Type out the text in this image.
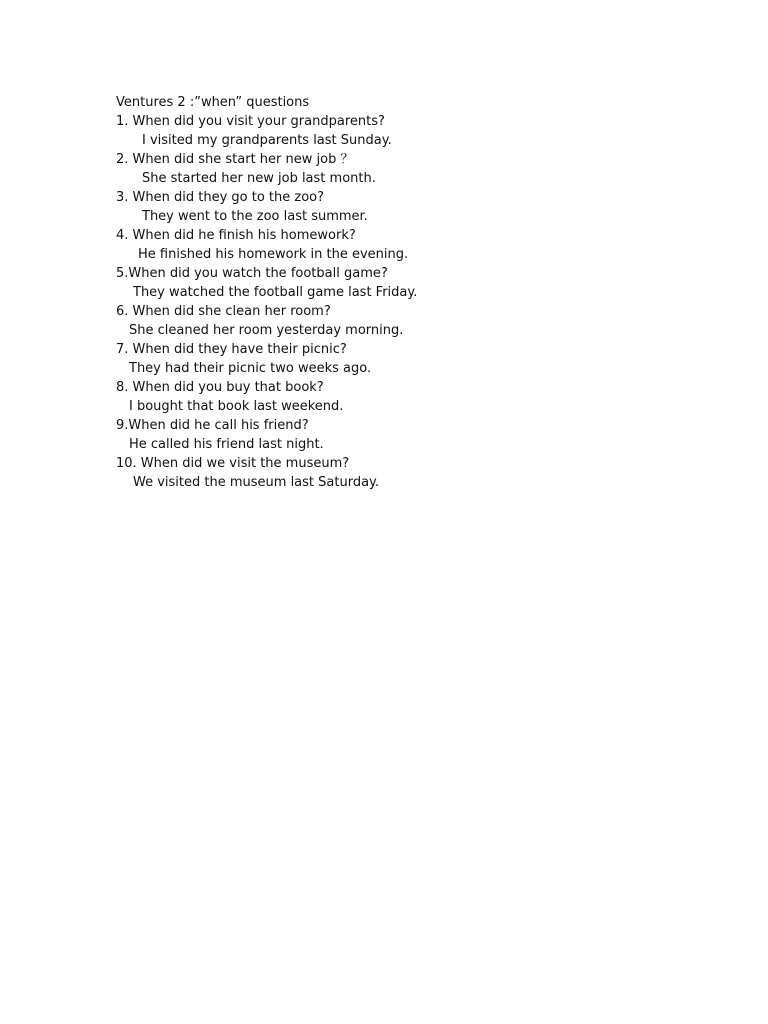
Ventures 2 :”when” questions
1. When did you visit your grandparents?
I visited my grandparents last Sunday.
2. When did she start her new job ？
She started her new job last month.
3. When did they go to the zoo?
They went to the zoo last summer.
4. When did he finish his homework?
He finished his homework in the evening.
5.When did you watch the football game?
They watched the football game last Friday.
6. When did she clean her room?
She cleaned her room yesterday morning.
7. When did they have their picnic?
They had their picnic two weeks ago.
8. When did you buy that book?
I bought that book last weekend.
9.When did he call his friend?
He called his friend last night.
10. When did we visit the museum?
We visited the museum last Saturday.
